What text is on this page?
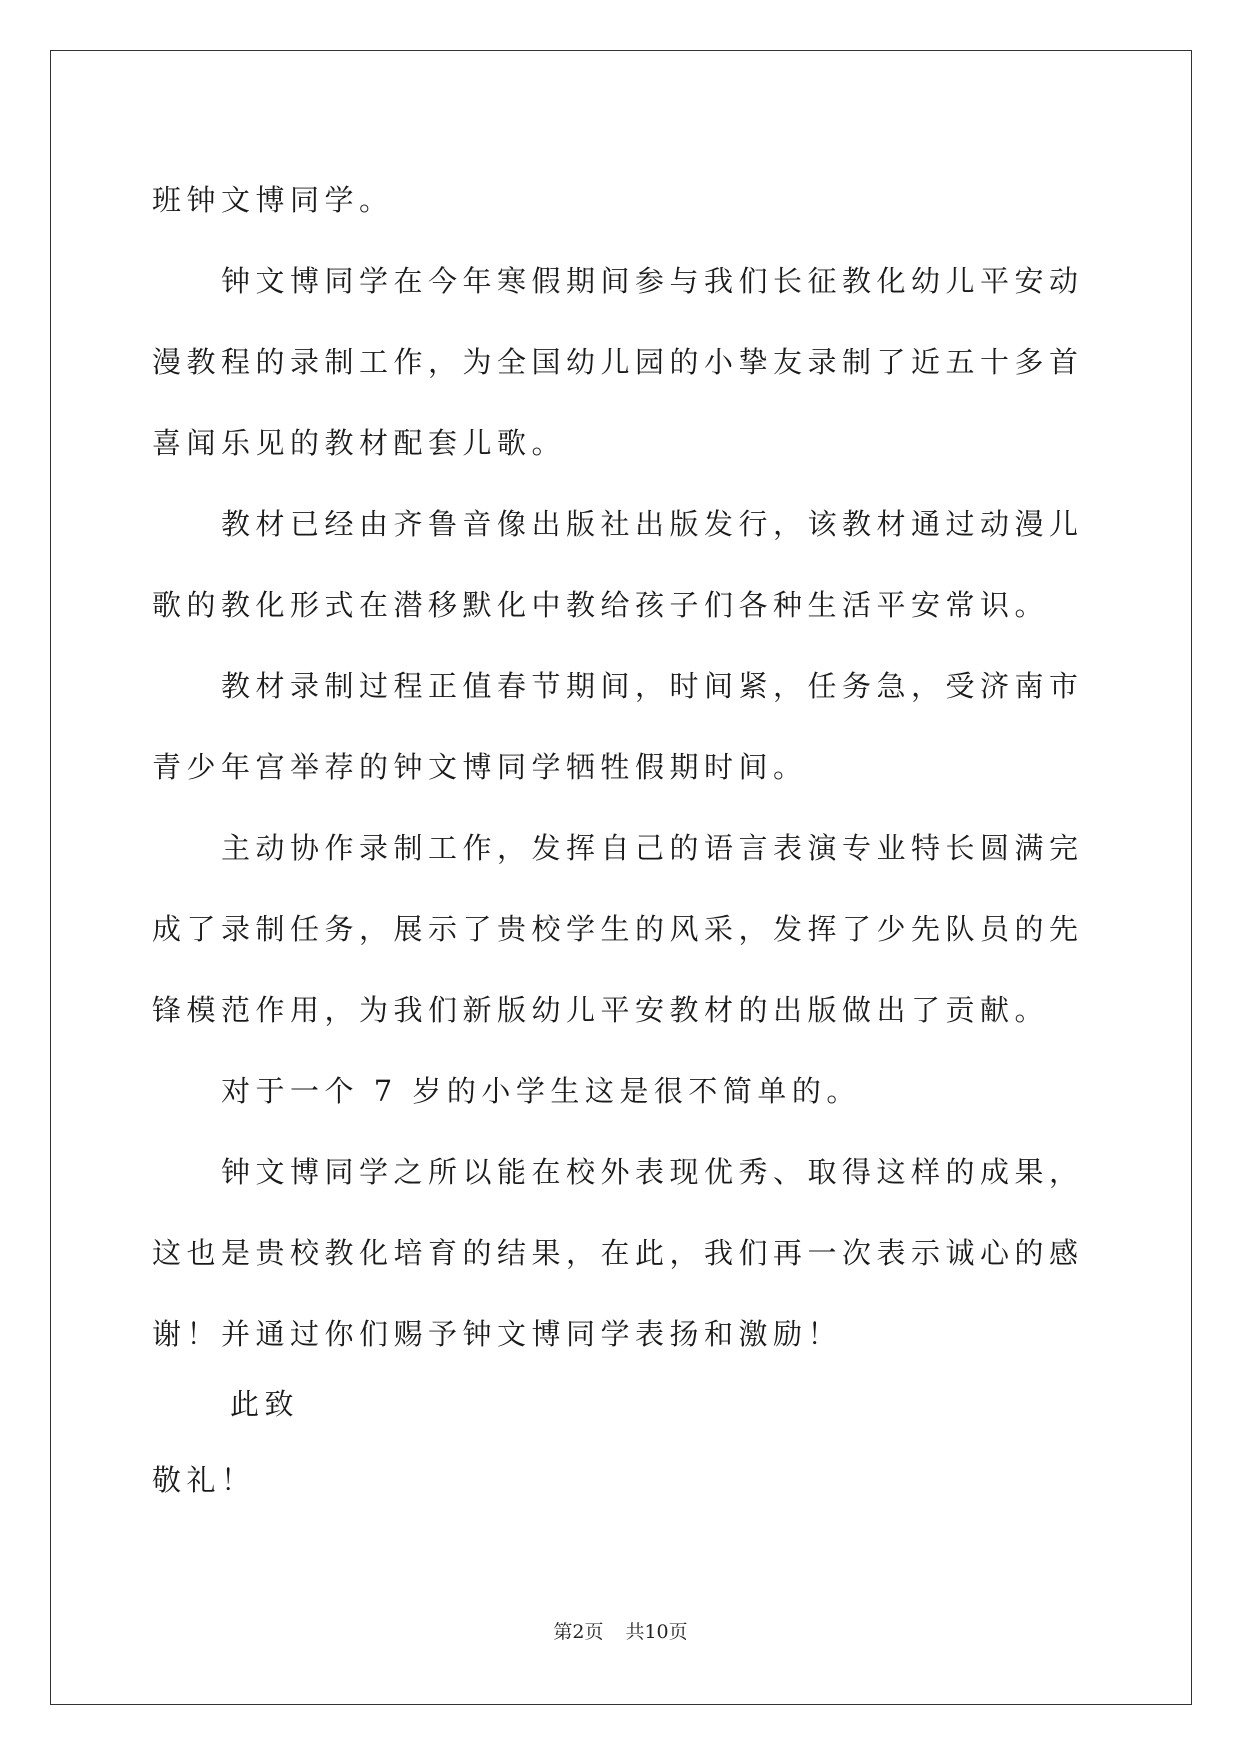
班钟文博同学。

钟文博同学在今年寒假期间参与我们长征教化幼儿平安动漫教程的录制工作，为全国幼儿园的小挚友录制了近五十多首喜闻乐见的教材配套儿歌。

教材已经由齐鲁音像出版社出版发行，该教材通过动漫儿歌的教化形式在潜移默化中教给孩子们各种生活平安常识。

教材录制过程正值春节期间，时间紧，任务急，受济南市青少年宫举荐的钟文博同学牺牲假期时间。

主动协作录制工作，发挥自己的语言表演专业特长圆满完成了录制任务，展示了贵校学生的风采，发挥了少先队员的先锋模范作用，为我们新版幼儿平安教材的出版做出了贡献。

对于一个 7 岁的小学生这是很不简单的。

钟文博同学之所以能在校外表现优秀、取得这样的成果，这也是贵校教化培育的结果，在此，我们再一次表示诚心的感谢！并通过你们赐予钟文博同学表扬和激励！

此致
敬礼！
第2页 共10页
